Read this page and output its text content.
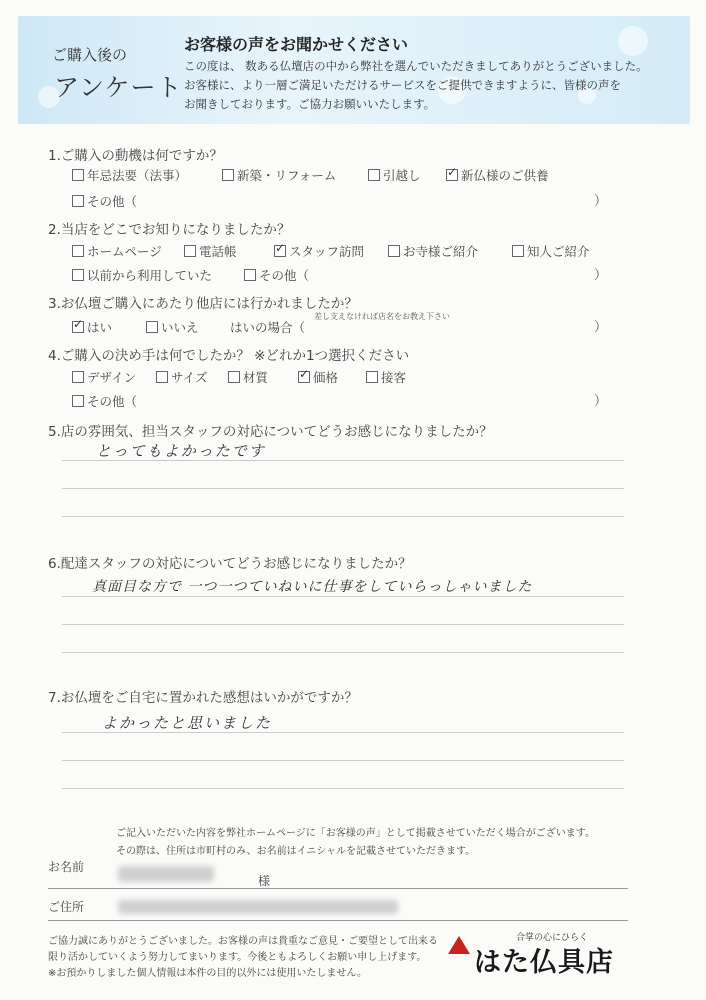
ご購入後の
アンケート
お客様の声をお聞かせください
この度は、 数ある仏壇店の中から弊社を選んでいただきましてありがとうございました。
お客様に、より一層ご満足いただけるサービスをご提供できますように、皆様の声を
お聞きしております。ご協力お願いいたします。
1.ご購入の動機は何ですか？
年忌法要（法事）	新築・リフォーム	引越し ✓	新仏様のご供養
その他（	）
2.当店をどこでお知りになりましたか？
ホームページ	電話帳 ✓	スタッフ訪問	お寺様ご紹介	知人ご紹介
以前から利用していた	その他（	）
3.お仏壇ご購入にあたり他店には行かれましたか？
差し支えなければ店名をお教え下さい
✓
はい	いいえ	はいの場合（	）
4.ご購入の決め手は何でしたか？ ※どれか1つ選択ください
デザイン	サイズ	材質 ✓	価格	接客
その他（	）
5.店の雰囲気、担当スタッフの対応についてどうお感じになりましたか？
とってもよかったです
6.配達スタッフの対応についてどうお感じになりましたか？
真面目な方で 一つ一つていねいに仕事をしていらっしゃいました
7.お仏壇をご自宅に置かれた感想はいかがですか？
よかったと思いました
ご記入いただいた内容を弊社ホームページに「お客様の声」として掲載させていただく場合がございます。
その際は、住所は市町村のみ、お名前はイニシャルを記載させていただきます。
お名前
様
ご住所
ご協力誠にありがとうございました。お客様の声は貴重なご意見・ご要望として出来る
限り活かしていくよう努力してまいります。今後ともよろしくお願い申し上げます。
※お預かりしました個人情報は本件の目的以外には使用いたしません。
合掌の心にひらく
はた仏具店
